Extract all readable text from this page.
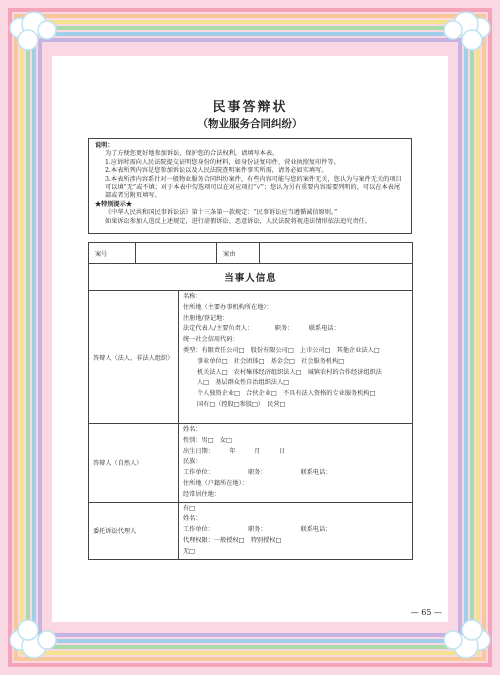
民事答辩状
（物业服务合同纠纷）
说明：
为了方便您更好地参加诉讼，保护您的合法权利，请填写本表。
1.应诉时需向人民法院提交证明您身份的材料，如身份证复印件、营业执照复印件等。
2.本表所列内容是您参加诉讼以及人民法院查明案件事实所需，请务必如实填写。
3.本表所涉内容系针对一般物业服务合同纠纷案件，有些内容可能与您的案件无关，您认为与案件无关的项目可以填“无”或不填；对于本表中勾选项可以在对应项打“√”；您认为另有重要内容需要列明的，可以在本表尾部或者另附页填写。
★特别提示★
《中华人民共和国民事诉讼法》第十三条第一款规定：“民事诉讼应当遵循诚信原则。”
如果诉讼参加人违反上述规定，进行虚假诉讼、恶意诉讼，人民法院将视违法情形依法追究责任。
案号		案由	

当事人信息
答辩人（法人、非法人组织）	
名称：
住所地（主要办事机构所在地）：
注册地/登记地：
法定代表人/主要负责人：　　　　职务：　　　联系电话：
统一社会信用代码：
类型：有限责任公司□　股份有限公司□　上市公司□　其他企业法人□
事业单位□　社会团体□　基金会□　社会服务机构□
机关法人□　农村集体经济组织法人□　城镇农村的合作经济组织法
人□　基层群众性自治组织法人□
个人独资企业□　合伙企业□　不具有法人资格的专业服务机构□
国有□（控股□参股□）　民营□

答辩人（自然人）	
姓名：
性别：男□　女□
出生日期：　　　年　　　月　　　日
民族：
工作单位：　　　　　　职务：　　　　　　联系电话：
住所地（户籍所在地）：
经常居住地：

委托诉讼代理人	
有□
姓名：
工作单位：　　　　　　职务：　　　　　　联系电话：
代理权限：一般授权□　特别授权□
无□
— 65 —
